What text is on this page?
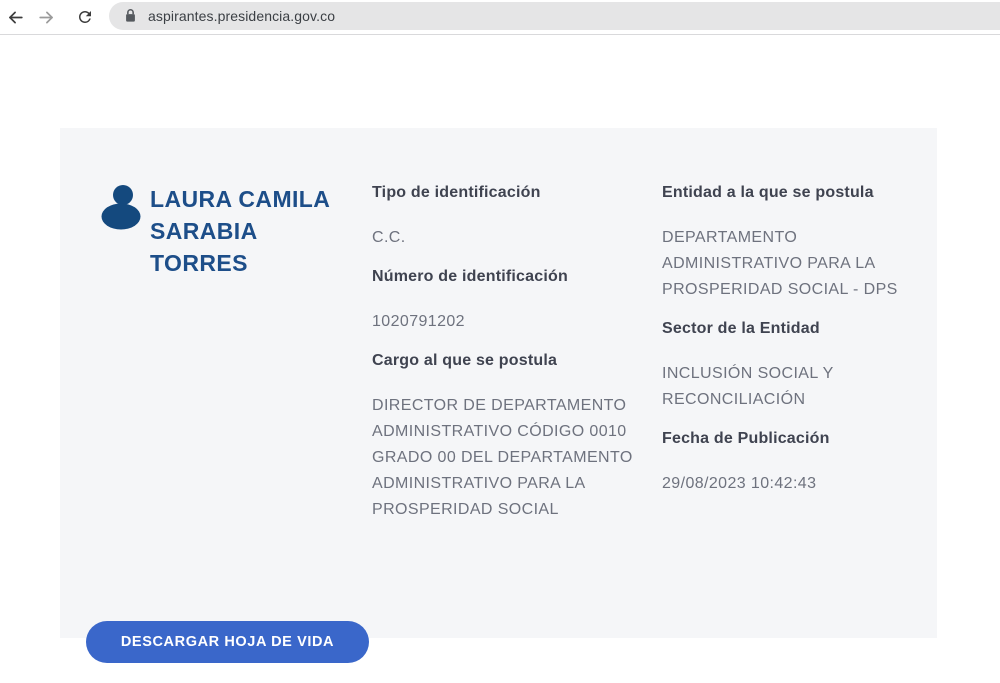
aspirantes.presidencia.gov.co
LAURA CAMILA SARABIA TORRES

Tipo de identificación

C.C.

Número de identificación

1020791202

Cargo al que se postula

DIRECTOR DE DEPARTAMENTO ADMINISTRATIVO CÓDIGO 0010 GRADO 00 DEL DEPARTAMENTO ADMINISTRATIVO PARA LA PROSPERIDAD SOCIAL

Entidad a la que se postula

DEPARTAMENTO ADMINISTRATIVO PARA LA PROSPERIDAD SOCIAL - DPS

Sector de la Entidad

INCLUSIÓN SOCIAL Y RECONCILIACIÓN

Fecha de Publicación

29/08/2023 10:42:43

DESCARGAR HOJA DE VIDA
